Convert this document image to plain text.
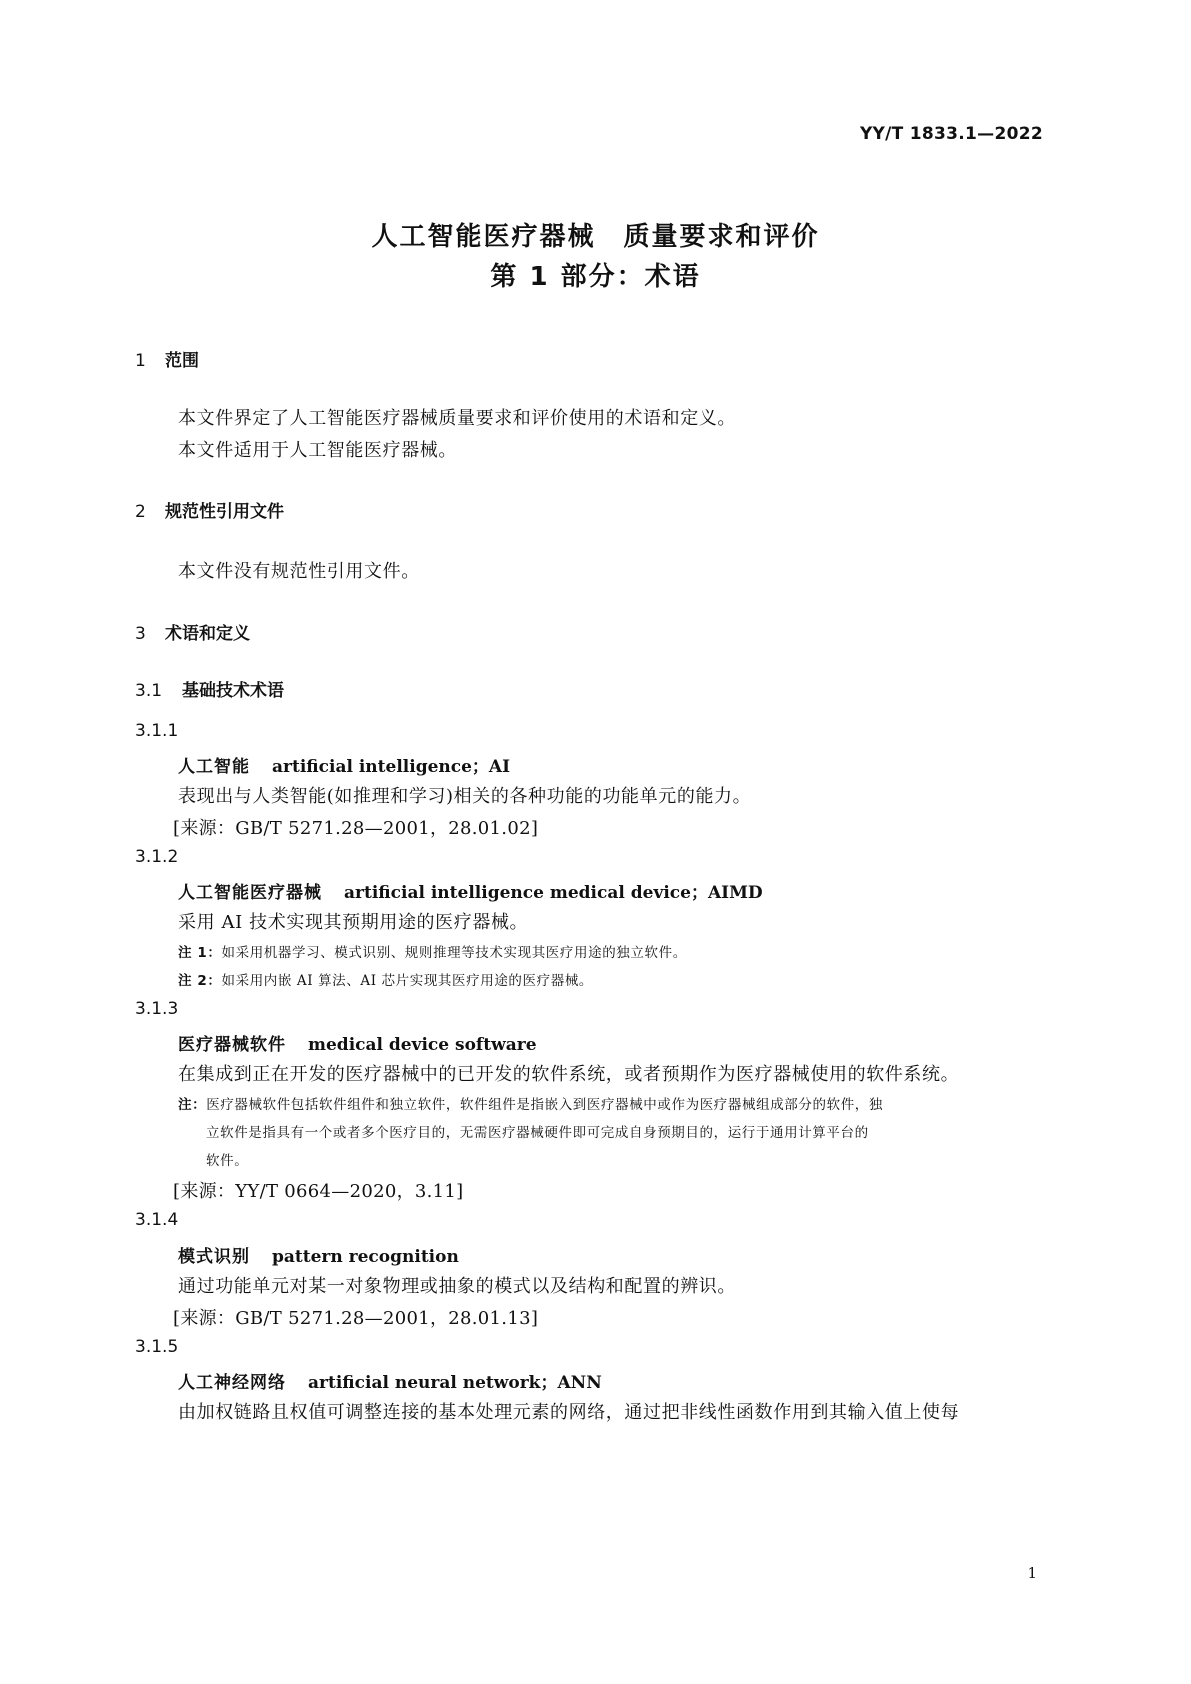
YY/T 1833.1—2022
人工智能医疗器械　质量要求和评价
第 1 部分：术语
1 范围
本文件界定了人工智能医疗器械质量要求和评价使用的术语和定义。
本文件适用于人工智能医疗器械。
2 规范性引用文件
本文件没有规范性引用文件。
3 术语和定义
3.1 基础技术术语
3.1.1
人工智能 artificial intelligence；AI
表现出与人类智能(如推理和学习)相关的各种功能的功能单元的能力。
[来源：GB/T 5271.28—2001，28.01.02]
3.1.2
人工智能医疗器械 artificial intelligence medical device；AIMD
采用 AI 技术实现其预期用途的医疗器械。
注 1：如采用机器学习、模式识别、规则推理等技术实现其医疗用途的独立软件。
注 2：如采用内嵌 AI 算法、AI 芯片实现其医疗用途的医疗器械。
3.1.3
医疗器械软件 medical device software
在集成到正在开发的医疗器械中的已开发的软件系统，或者预期作为医疗器械使用的软件系统。
注：医疗器械软件包括软件组件和独立软件，软件组件是指嵌入到医疗器械中或作为医疗器械组成部分的软件，独
立软件是指具有一个或者多个医疗目的，无需医疗器械硬件即可完成自身预期目的，运行于通用计算平台的
软件。
[来源：YY/T 0664—2020，3.11]
3.1.4
模式识别 pattern recognition
通过功能单元对某一对象物理或抽象的模式以及结构和配置的辨识。
[来源：GB/T 5271.28—2001，28.01.13]
3.1.5
人工神经网络 artificial neural network；ANN
由加权链路且权值可调整连接的基本处理元素的网络，通过把非线性函数作用到其输入值上使每
1
